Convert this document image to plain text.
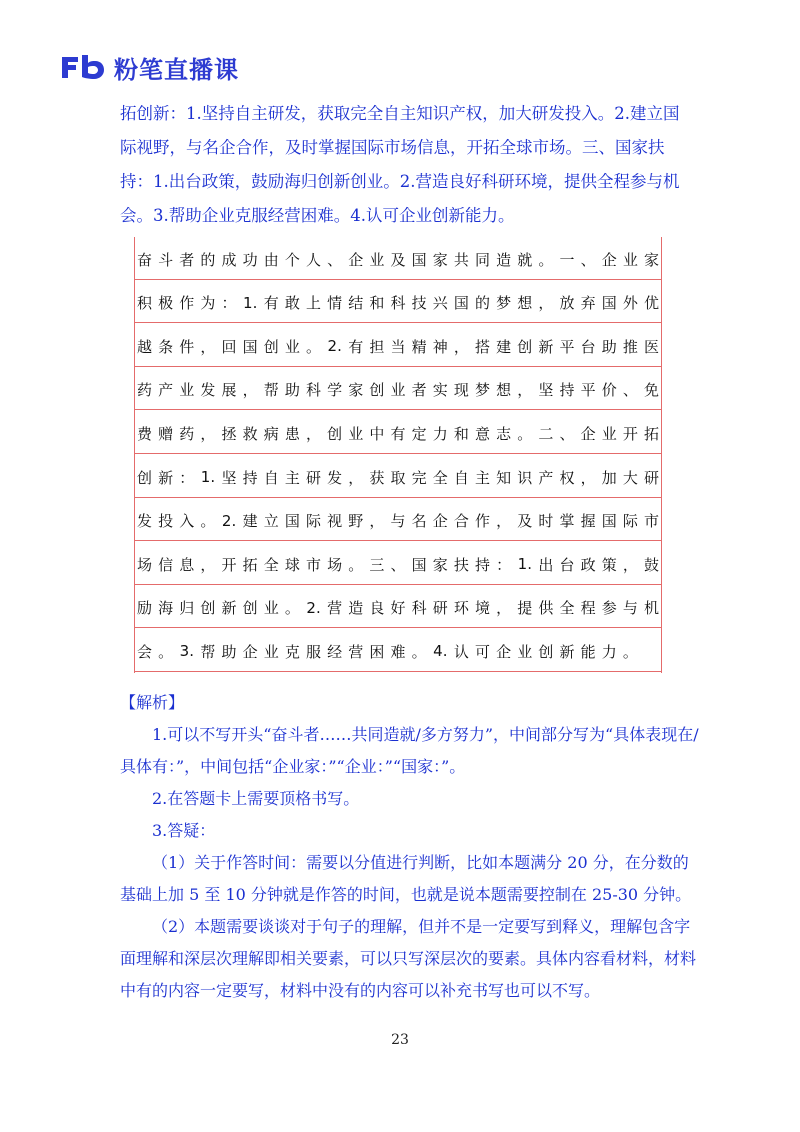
粉笔直播课
拓创新：1.坚持自主研发，获取完全自主知识产权，加大研发投入。2.建立国际视野，与名企合作，及时掌握国际市场信息，开拓全球市场。三、国家扶持：1.出台政策，鼓励海归创新创业。2.营造良好科研环境，提供全程参与机会。3.帮助企业克服经营困难。4.认可企业创新能力。
奋 斗 者 的 成 功 由 个 人 、 企 业 及 国 家 共 同 造 就 。 一 、 企 业 家
积 极 作 为 ： 1. 有 敢 上 情 结 和 科 技 兴 国 的 梦 想 ， 放 弃 国 外 优
越 条 件 ， 回 国 创 业 。 2. 有 担 当 精 神 ， 搭 建 创 新 平 台 助 推 医
药 产 业 发 展 ， 帮 助 科 学 家 创 业 者 实 现 梦 想 ， 坚 持 平 价 、 免
费 赠 药 ， 拯 救 病 患 ， 创 业 中 有 定 力 和 意 志 。 二 、 企 业 开 拓
创 新 ： 1. 坚 持 自 主 研 发 ， 获 取 完 全 自 主 知 识 产 权 ， 加 大 研
发 投 入 。 2. 建 立 国 际 视 野 ， 与 名 企 合 作 ， 及 时 掌 握 国 际 市
场 信 息 ， 开 拓 全 球 市 场 。 三 、 国 家 扶 持 ： 1. 出 台 政 策 ， 鼓
励 海 归 创 新 创 业 。 2. 营 造 良 好 科 研 环 境 ， 提 供 全 程 参 与 机
会 。 3. 帮 助 企 业 克 服 经 营 困 难 。 4. 认 可 企 业 创 新 能 力 。
【解析】
1.可以不写开头“奋斗者……共同造就/多方努力”，中间部分写为“具体表现在/具体有：”，中间包括“企业家：”“企业：”“国家：”。
2.在答题卡上需要顶格书写。
3.答疑：
（1）关于作答时间：需要以分值进行判断，比如本题满分 20 分，在分数的基础上加 5 至 10 分钟就是作答的时间，也就是说本题需要控制在 25-30 分钟。
（2）本题需要谈谈对于句子的理解，但并不是一定要写到释义，理解包含字面理解和深层次理解即相关要素，可以只写深层次的要素。具体内容看材料，材料中有的内容一定要写，材料中没有的内容可以补充书写也可以不写。
23
